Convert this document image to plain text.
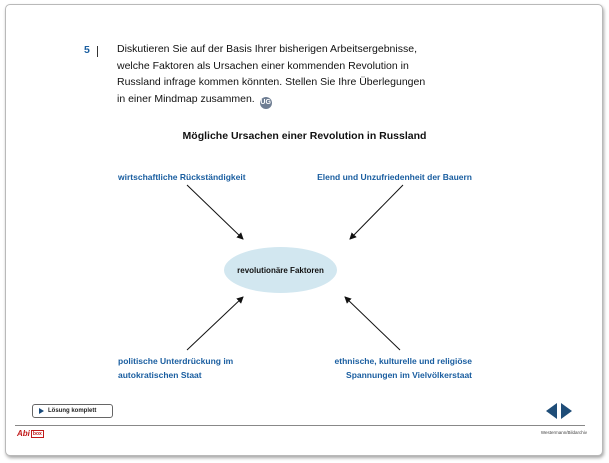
5	Diskutieren Sie auf der Basis Ihrer bisherigen Arbeitsergebnisse,
welche Faktoren als Ursachen einer kommenden Revolution in
Russland infrage kommen könnten. Stellen Sie Ihre Überlegungen
in einer Mindmap zusammen. UG

Mögliche Ursachen einer Revolution in Russland
wirtschaftliche Rückständigkeit	Elend und Unzufriedenheit der Bauern
politische Unterdrückung im
autokratischen Staat
ethnische, kulturelle und religiöse
Spannungen im Vielvölkerstaat
revolutionäre Faktoren
Lösung komplett
Abi box	Westermann/Bildarchiv
